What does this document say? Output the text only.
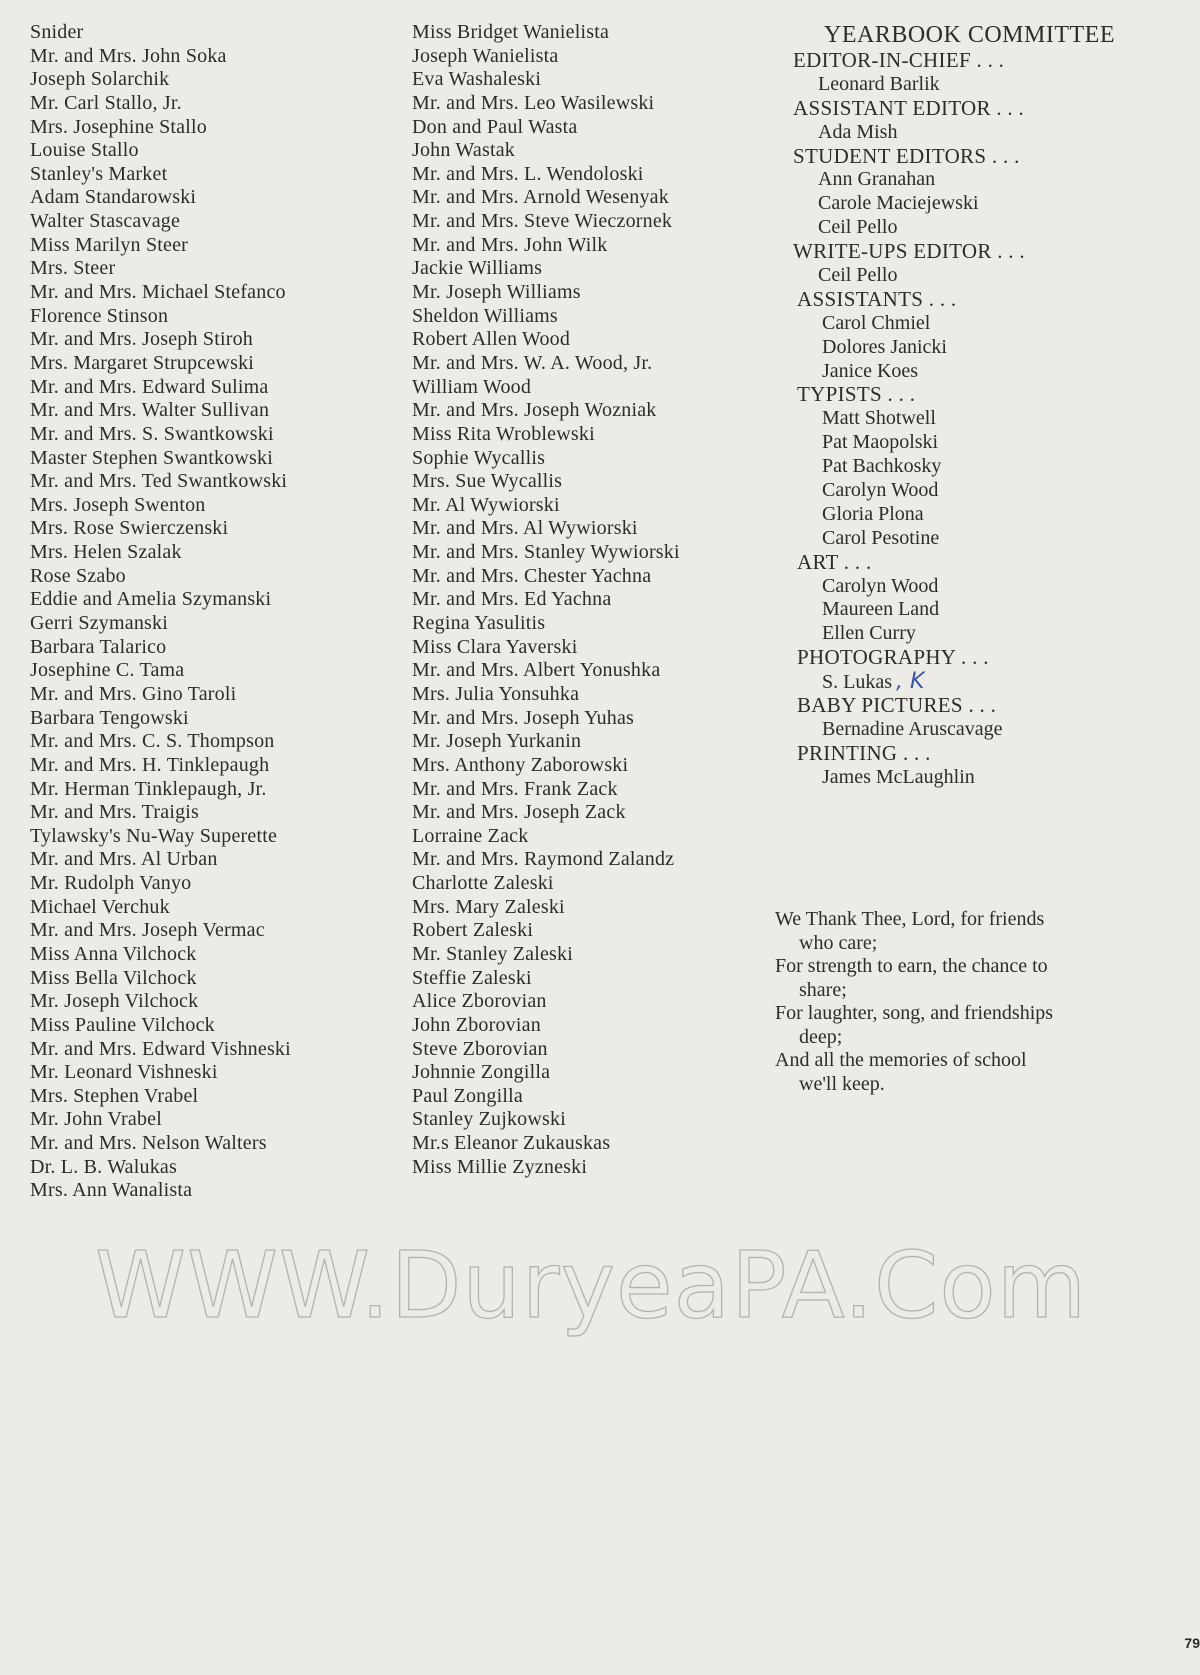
Snider
Mr. and Mrs. John Soka
Joseph Solarchik
Mr. Carl Stallo, Jr.
Mrs. Josephine Stallo
Louise Stallo
Stanley's Market
Adam Standarowski
Walter Stascavage
Miss Marilyn Steer
Mrs. Steer
Mr. and Mrs. Michael Stefanco
Florence Stinson
Mr. and Mrs. Joseph Stiroh
Mrs. Margaret Strupcewski
Mr. and Mrs. Edward Sulima
Mr. and Mrs. Walter Sullivan
Mr. and Mrs. S. Swantkowski
Master Stephen Swantkowski
Mr. and Mrs. Ted Swantkowski
Mrs. Joseph Swenton
Mrs. Rose Swierczenski
Mrs. Helen Szalak
Rose Szabo
Eddie and Amelia Szymanski
Gerri Szymanski
Barbara Talarico
Josephine C. Tama
Mr. and Mrs. Gino Taroli
Barbara Tengowski
Mr. and Mrs. C. S. Thompson
Mr. and Mrs. H. Tinklepaugh
Mr. Herman Tinklepaugh, Jr.
Mr. and Mrs. Traigis
Tylawsky's Nu-Way Superette
Mr. and Mrs. Al Urban
Mr. Rudolph Vanyo
Michael Verchuk
Mr. and Mrs. Joseph Vermac
Miss Anna Vilchock
Miss Bella Vilchock
Mr. Joseph Vilchock
Miss Pauline Vilchock
Mr. and Mrs. Edward Vishneski
Mr. Leonard Vishneski
Mrs. Stephen Vrabel
Mr. John Vrabel
Mr. and Mrs. Nelson Walters
Dr. L. B. Walukas
Mrs. Ann Wanalista
Miss Bridget Wanielista
Joseph Wanielista
Eva Washaleski
Mr. and Mrs. Leo Wasilewski
Don and Paul Wasta
John Wastak
Mr. and Mrs. L. Wendoloski
Mr. and Mrs. Arnold Wesenyak
Mr. and Mrs. Steve Wieczornek
Mr. and Mrs. John Wilk
Jackie Williams
Mr. Joseph Williams
Sheldon Williams
Robert Allen Wood
Mr. and Mrs. W. A. Wood, Jr.
William Wood
Mr. and Mrs. Joseph Wozniak
Miss Rita Wroblewski
Sophie Wycallis
Mrs. Sue Wycallis
Mr. Al Wywiorski
Mr. and Mrs. Al Wywiorski
Mr. and Mrs. Stanley Wywiorski
Mr. and Mrs. Chester Yachna
Mr. and Mrs. Ed Yachna
Regina Yasulitis
Miss Clara Yaverski
Mr. and Mrs. Albert Yonushka
Mrs. Julia Yonsuhka
Mr. and Mrs. Joseph Yuhas
Mr. Joseph Yurkanin
Mrs. Anthony Zaborowski
Mr. and Mrs. Frank Zack
Mr. and Mrs. Joseph Zack
Lorraine Zack
Mr. and Mrs. Raymond Zalandz
Charlotte Zaleski
Mrs. Mary Zaleski
Robert Zaleski
Mr. Stanley Zaleski
Steffie Zaleski
Alice Zborovian
John Zborovian
Steve Zborovian
Johnnie Zongilla
Paul Zongilla
Stanley Zujkowski
Mr.s Eleanor Zukauskas
Miss Millie Zyzneski
YEARBOOK COMMITTEE
EDITOR-IN-CHIEF . . .
Leonard Barlik
ASSISTANT EDITOR . . .
Ada Mish
STUDENT EDITORS . . .
Ann Granahan
Carole Maciejewski
Ceil Pello
WRITE-UPS EDITOR . . .
Ceil Pello
ASSISTANTS . . .
Carol Chmiel
Dolores Janicki
Janice Koes
TYPISTS . . .
Matt Shotwell
Pat Maopolski
Pat Bachkosky
Carolyn Wood
Gloria Plona
Carol Pesotine
ART . . .
Carolyn Wood
Maureen Land
Ellen Curry
PHOTOGRAPHY . . .
S. Lukas , K
BABY PICTURES . . .
Bernadine Aruscavage
PRINTING . . .
James McLaughlin

We Thank Thee, Lord, for friends
who care;

For strength to earn, the chance to
share;

For laughter, song, and friendships
deep;

And all the memories of school
we'll keep.

WWW.DuryeaPA.Com
79
